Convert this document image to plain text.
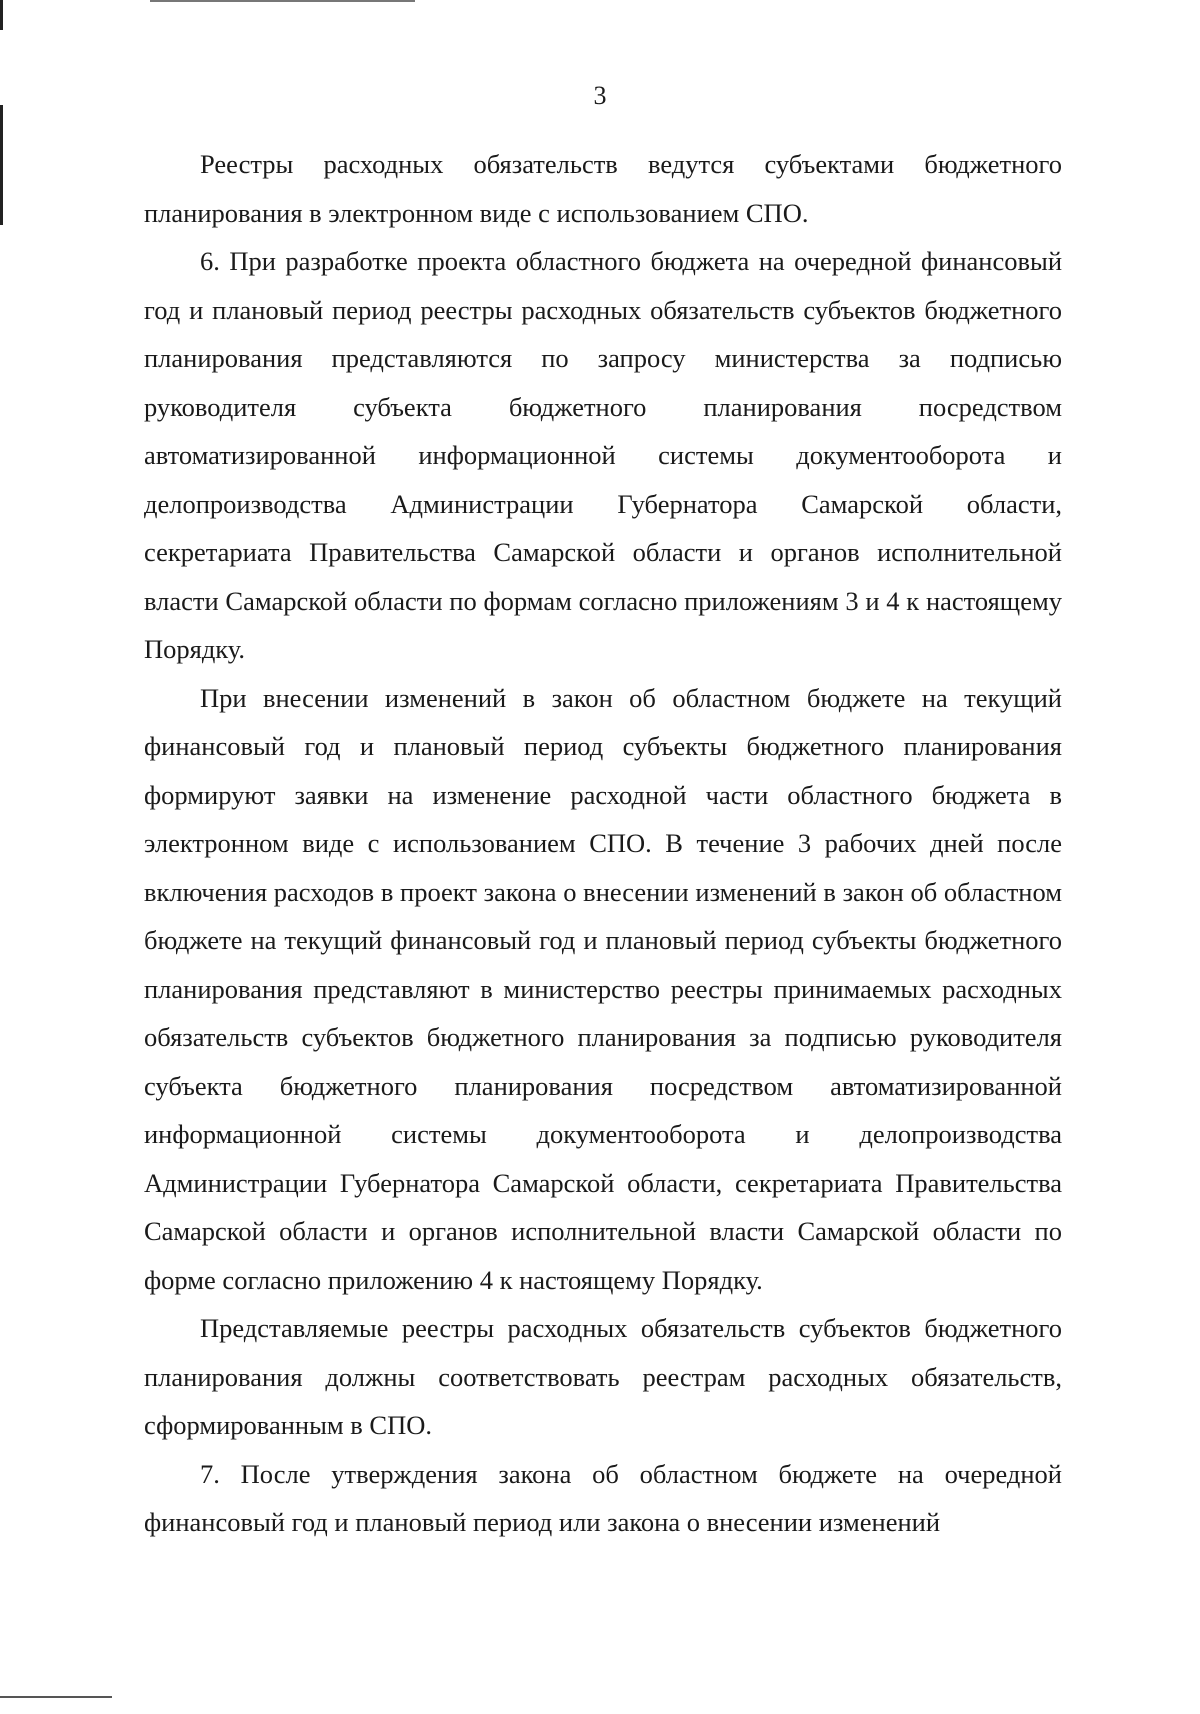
3

Реестры расходных обязательств ведутся субъектами бюджетного планирования в электронном виде с использованием СПО.

6. При разработке проекта областного бюджета на очередной финансовый год и плановый период реестры расходных обязательств субъектов бюджетного планирования представляются по запросу министерства за подписью руководителя субъекта бюджетного планирования посредством автоматизированной информационной системы документооборота и делопроизводства Администрации Губернатора Самарской области, секретариата Правительства Самарской области и органов исполнительной власти Самарской области по формам согласно приложениям 3 и 4 к настоящему Порядку.

При внесении изменений в закон об областном бюджете на текущий финансовый год и плановый период субъекты бюджетного планирования формируют заявки на изменение расходной части областного бюджета в электронном виде с использованием СПО. В течение 3 рабочих дней после включения расходов в проект закона о внесении изменений в закон об областном бюджете на текущий финансовый год и плановый период субъекты бюджетного планирования представляют в министерство реестры принимаемых расходных обязательств субъектов бюджетного планирования за подписью руководителя субъекта бюджетного планирования посредством автоматизированной информационной системы документооборота и делопроизводства Администрации Губернатора Самарской области, секретариата Правительства Самарской области и органов исполнительной власти Самарской области по форме согласно приложению 4 к настоящему Порядку.

Представляемые реестры расходных обязательств субъектов бюджетного планирования должны соответствовать реестрам расходных обязательств, сформированным в СПО.

7. После утверждения закона об областном бюджете на очередной финансовый год и плановый период или закона о внесении изменений
